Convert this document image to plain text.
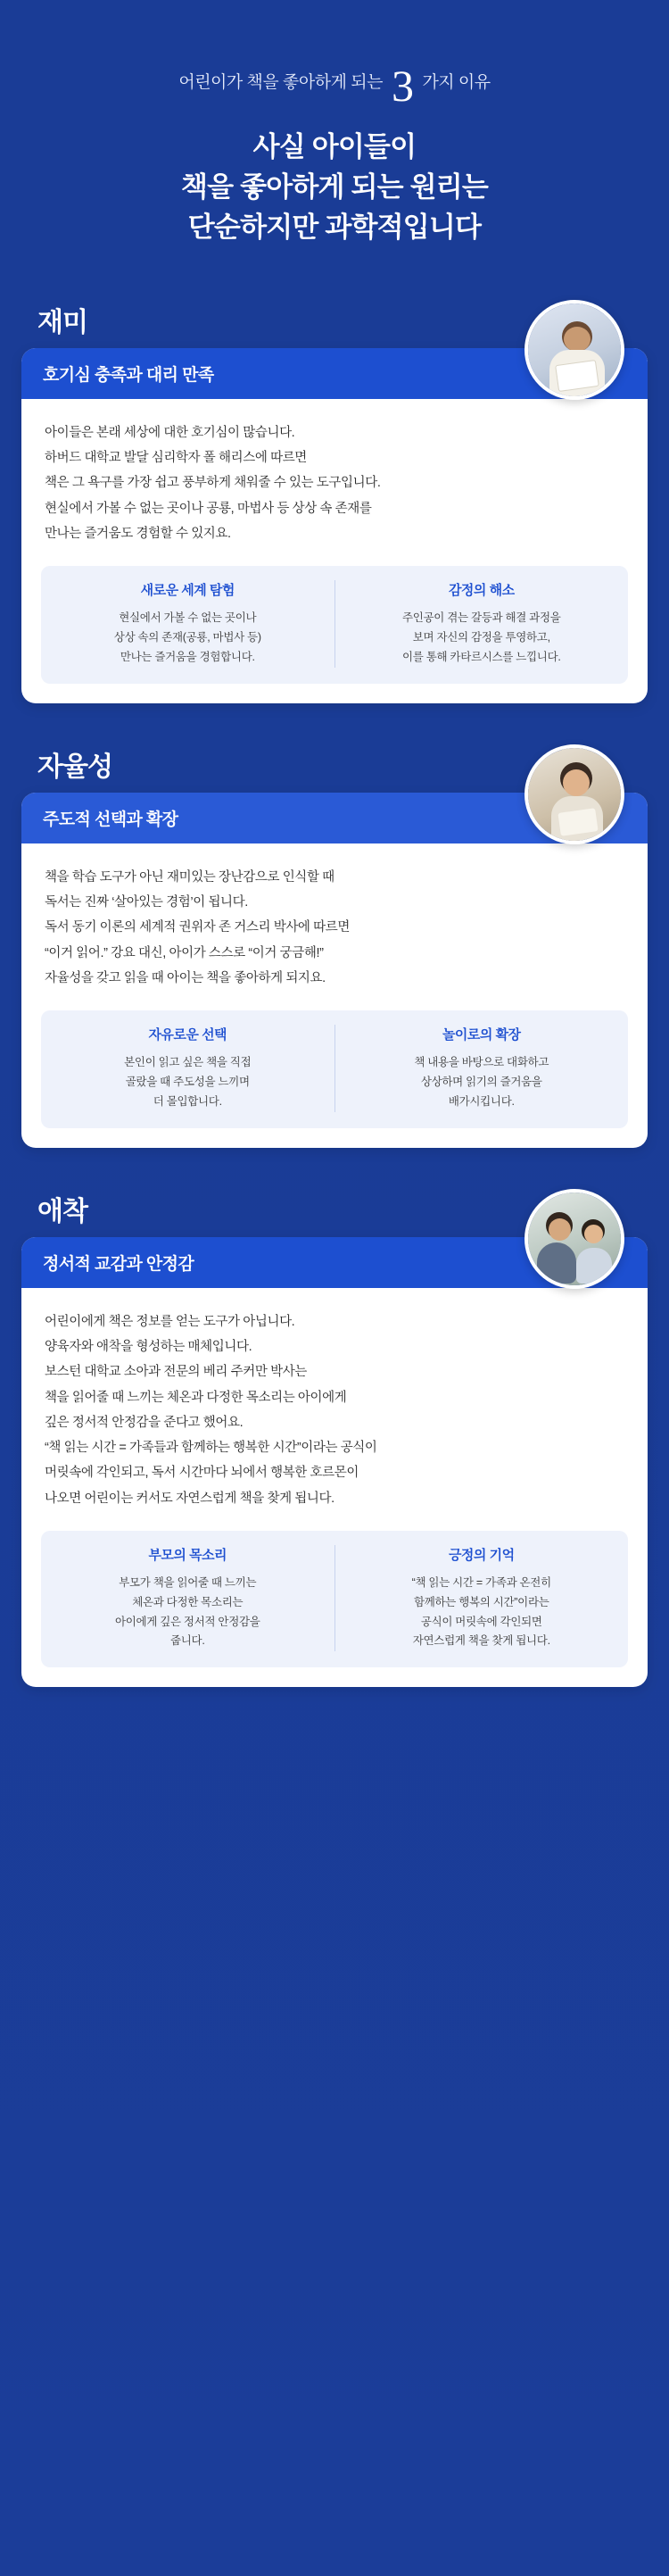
어린이가 책을 좋아하게 되는 3 가지 이유
사실 아이들이
책을 좋아하게 되는 원리는
단순하지만 과학적입니다
재미
호기심 충족과 대리 만족

아이들은 본래 세상에 대한 호기심이 많습니다.

하버드 대학교 발달 심리학자 폴 해리스에 따르면

책은 그 욕구를 가장 쉽고 풍부하게 채워줄 수 있는 도구입니다.

현실에서 가볼 수 없는 곳이나 공룡, 마법사 등 상상 속 존재를

만나는 즐거움도 경험할 수 있지요.

새로운 세계 탐험

현실에서 가볼 수 없는 곳이나

상상 속의 존재(공룡, 마법사 등)

만나는 즐거움을 경험합니다.

감정의 해소

주인공이 겪는 갈등과 해결 과정을

보며 자신의 감정을 투영하고,

이를 통해 카타르시스를 느낍니다.

자율성
주도적 선택과 확장

책을 학습 도구가 아닌 재미있는 장난감으로 인식할 때

독서는 진짜 ‘살아있는 경험’이 됩니다.

독서 동기 이론의 세계적 권위자 존 거스리 박사에 따르면

“이거 읽어.” 강요 대신, 아이가 스스로 “이거 궁금해!”

자율성을 갖고 읽을 때 아이는 책을 좋아하게 되지요.

자유로운 선택

본인이 읽고 싶은 책을 직접

골랐을 때 주도성을 느끼며

더 몰입합니다.

놀이로의 확장

책 내용을 바탕으로 대화하고

상상하며 읽기의 즐거움을

배가시킵니다.

애착
정서적 교감과 안정감

어린이에게 책은 정보를 얻는 도구가 아닙니다.

양육자와 애착을 형성하는 매체입니다.

보스턴 대학교 소아과 전문의 베리 주커만 박사는

책을 읽어줄 때 느끼는 체온과 다정한 목소리는 아이에게

깊은 정서적 안정감을 준다고 했어요.

“책 읽는 시간 = 가족들과 함께하는 행복한 시간”이라는 공식이

머릿속에 각인되고, 독서 시간마다 뇌에서 행복한 호르몬이

나오면 어린이는 커서도 자연스럽게 책을 찾게 됩니다.

부모의 목소리

부모가 책을 읽어줄 때 느끼는

체온과 다정한 목소리는

아이에게 깊은 정서적 안정감을

줍니다.

긍정의 기억

“책 읽는 시간 = 가족과 온전히

함께하는 행복의 시간”이라는

공식이 머릿속에 각인되면

자연스럽게 책을 찾게 됩니다.
